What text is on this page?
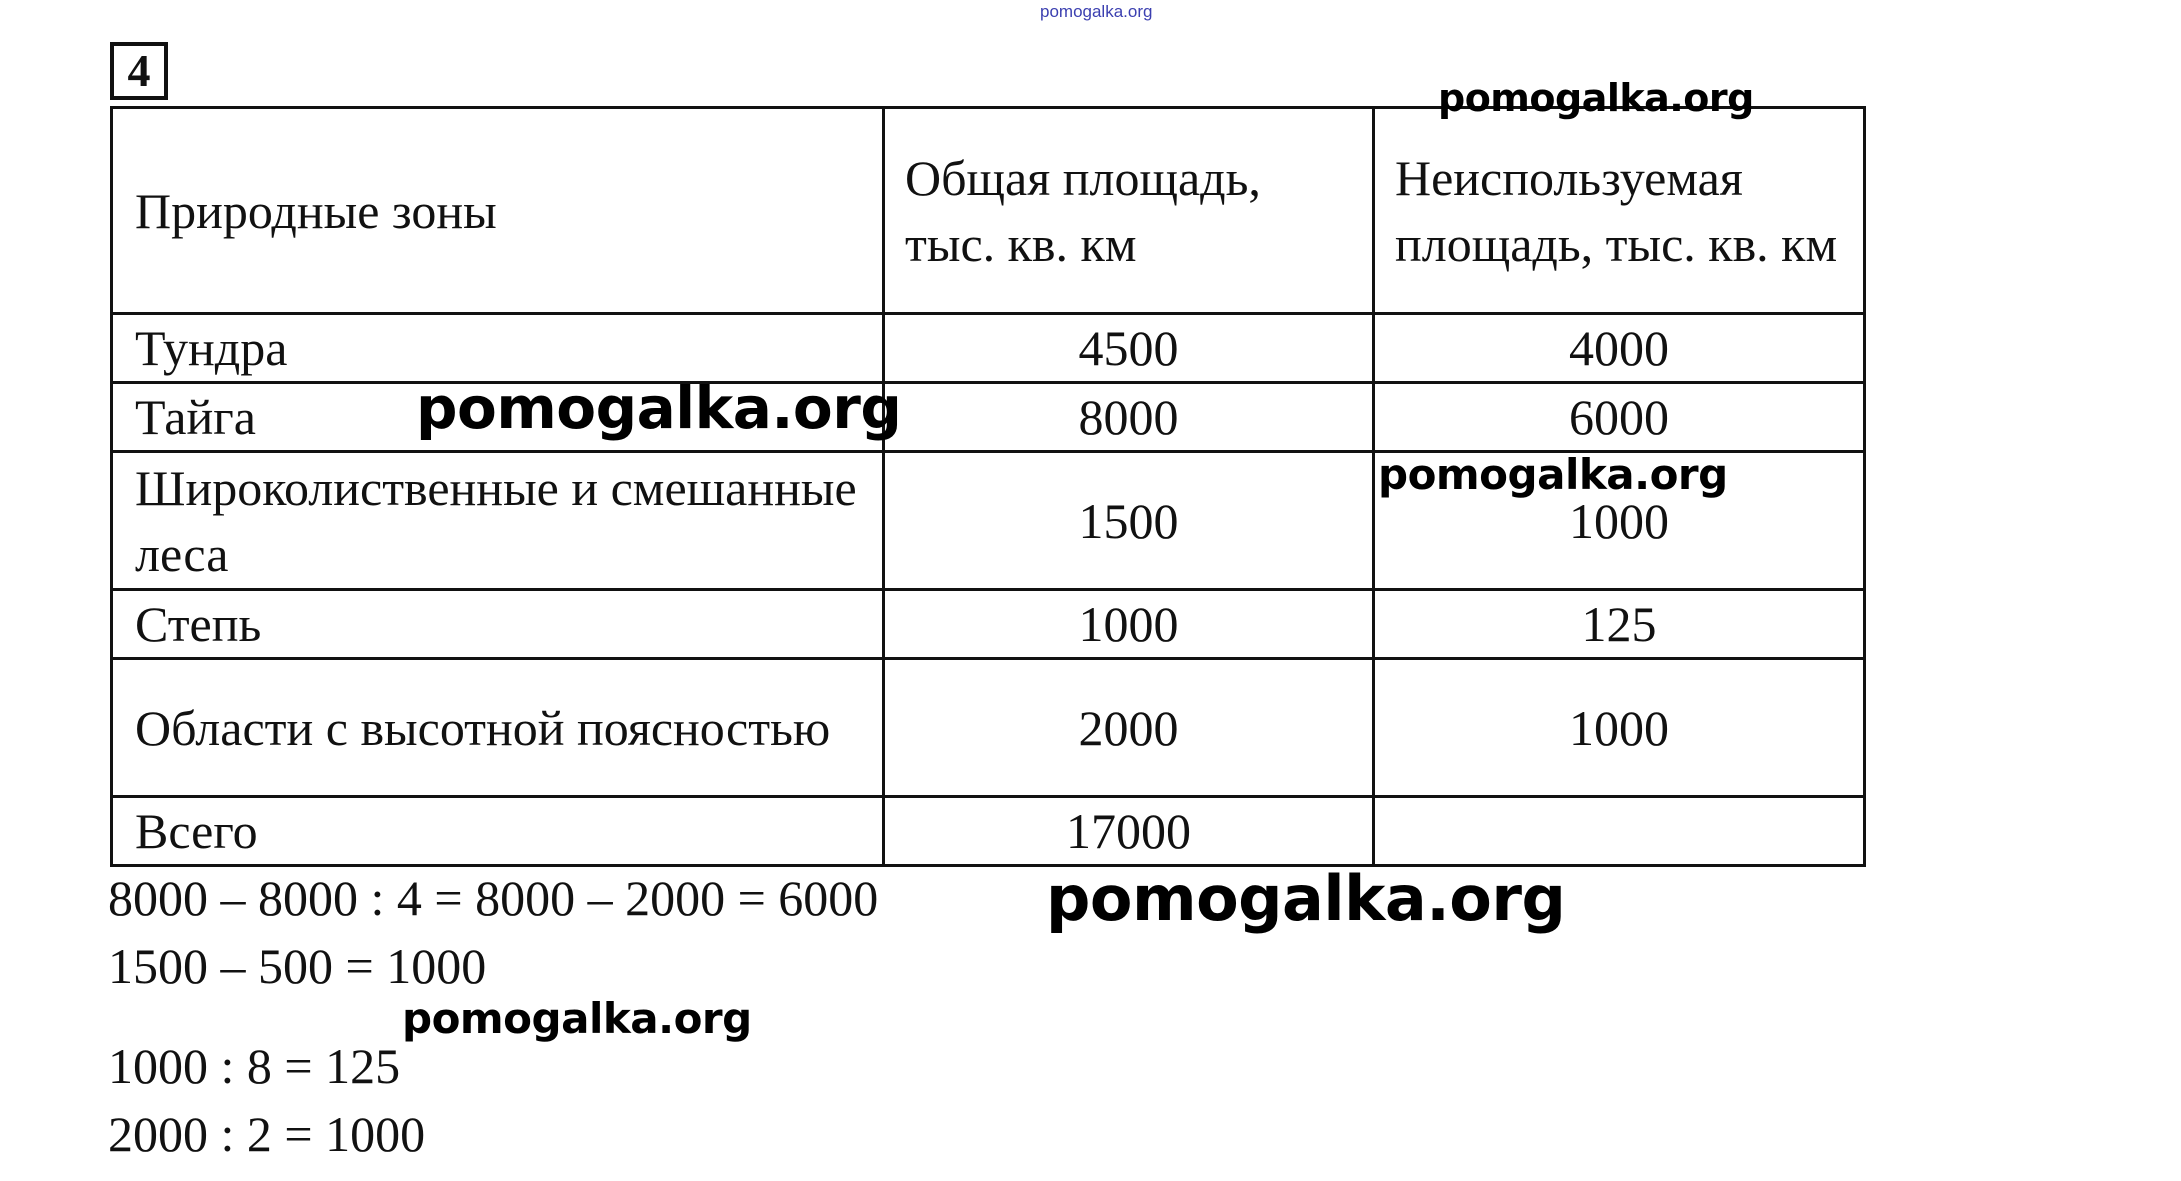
pomogalka.org
4
Природные зоны	Общая площадь, тыс. кв. км	Неиспользуемая площадь, тыс. кв. км

Тундра	4500	4000
Тайга	8000	6000
Широколиственные и смешанные леса	1500	1000
Степь	1000	125
Области с высотной поясностью	2000	1000
Всего	17000	
8000 – 8000 : 4 = 8000 – 2000 = 6000
1500 – 500 = 1000
1000 : 8 = 125
2000 : 2 = 1000
pomogalka.org
pomogalka.org
pomogalka.org
pomogalka.org
pomogalka.org
